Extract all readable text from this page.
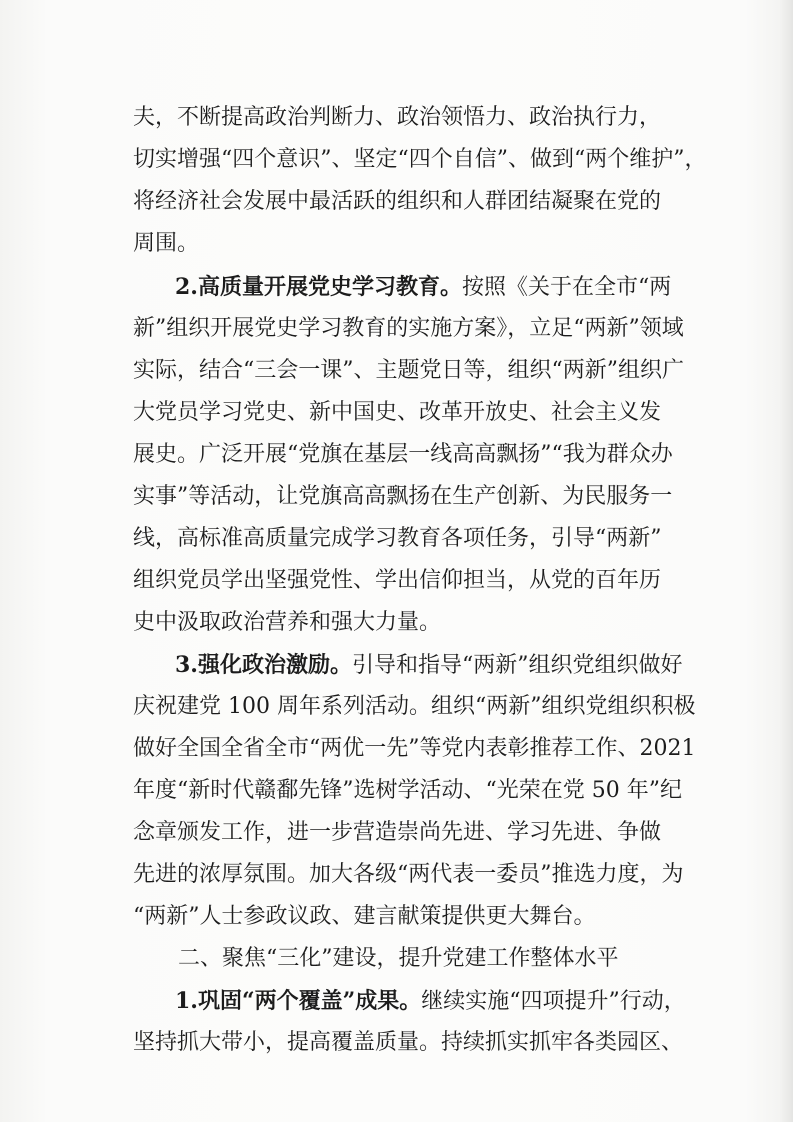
夫，不断提高政治判断力、政治领悟力、政治执行力，
切实增强“四个意识”、坚定“四个自信”、做到“两个维护”，
将经济社会发展中最活跃的组织和人群团结凝聚在党的
周围。
2.高质量开展党史学习教育。按照《关于在全市“两
新”组织开展党史学习教育的实施方案》，立足“两新”领域
实际，结合“三会一课”、主题党日等，组织“两新”组织广
大党员学习党史、新中国史、改革开放史、社会主义发
展史。广泛开展“党旗在基层一线高高飘扬”“我为群众办
实事”等活动，让党旗高高飘扬在生产创新、为民服务一
线，高标准高质量完成学习教育各项任务，引导“两新”
组织党员学出坚强党性、学出信仰担当，从党的百年历
史中汲取政治营养和强大力量。
3.强化政治激励。引导和指导“两新”组织党组织做好
庆祝建党 100 周年系列活动。组织“两新”组织党组织积极
做好全国全省全市“两优一先”等党内表彰推荐工作、2021
年度“新时代赣鄱先锋”选树学活动、“光荣在党 50 年”纪
念章颁发工作，进一步营造崇尚先进、学习先进、争做
先进的浓厚氛围。加大各级“两代表一委员”推选力度，为
“两新”人士参政议政、建言献策提供更大舞台。
二、聚焦“三化”建设，提升党建工作整体水平
1.巩固“两个覆盖”成果。继续实施“四项提升”行动，
坚持抓大带小，提高覆盖质量。持续抓实抓牢各类园区、
